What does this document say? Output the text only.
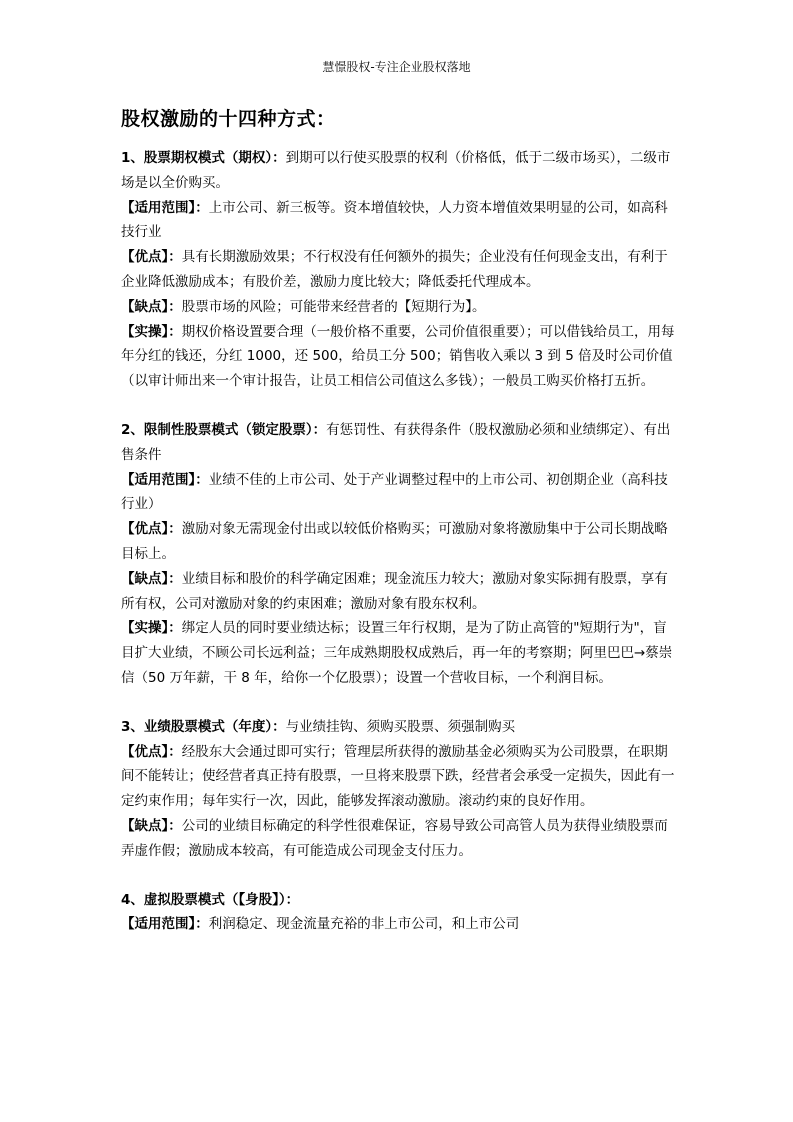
慧憬股权-专注企业股权落地
股权激励的十四种方式：

1、股票期权模式（期权）：到期可以行使买股票的权利（价格低，低于二级市场买），二级市场是以全价购买。

【适用范围】：上市公司、新三板等。资本增值较快，人力资本增值效果明显的公司，如高科技行业

【优点】：具有长期激励效果；不行权没有任何额外的损失；企业没有任何现金支出，有利于企业降低激励成本；有股价差，激励力度比较大；降低委托代理成本。

【缺点】：股票市场的风险；可能带来经营者的【短期行为】。

【实操】：期权价格设置要合理（一般价格不重要，公司价值很重要）；可以借钱给员工，用每年分红的钱还，分红 1000，还 500，给员工分 500；销售收入乘以 3 到 5 倍及时公司价值（以审计师出来一个审计报告，让员工相信公司值这么多钱）；一般员工购买价格打五折。

2、限制性股票模式（锁定股票）：有惩罚性、有获得条件（股权激励必须和业绩绑定）、有出售条件

【适用范围】：业绩不佳的上市公司、处于产业调整过程中的上市公司、初创期企业（高科技行业）

【优点】：激励对象无需现金付出或以较低价格购买；可激励对象将激励集中于公司长期战略目标上。

【缺点】：业绩目标和股价的科学确定困难；现金流压力较大；激励对象实际拥有股票，享有所有权，公司对激励对象的约束困难；激励对象有股东权利。

【实操】：绑定人员的同时要业绩达标；设置三年行权期，是为了防止高管的"短期行为"，盲目扩大业绩，不顾公司长远利益；三年成熟期股权成熟后，再一年的考察期；阿里巴巴→蔡崇信（50 万年薪，干 8 年，给你一个亿股票）；设置一个营收目标，一个利润目标。

3、业绩股票模式（年度）：与业绩挂钩、须购买股票、须强制购买

【优点】：经股东大会通过即可实行；管理层所获得的激励基金必须购买为公司股票，在职期间不能转让；使经营者真正持有股票，一旦将来股票下跌，经营者会承受一定损失，因此有一定约束作用；每年实行一次，因此，能够发挥滚动激励。滚动约束的良好作用。

【缺点】：公司的业绩目标确定的科学性很难保证，容易导致公司高管人员为获得业绩股票而弄虚作假；激励成本较高，有可能造成公司现金支付压力。

4、虚拟股票模式（【身股】）：

【适用范围】：利润稳定、现金流量充裕的非上市公司，和上市公司
